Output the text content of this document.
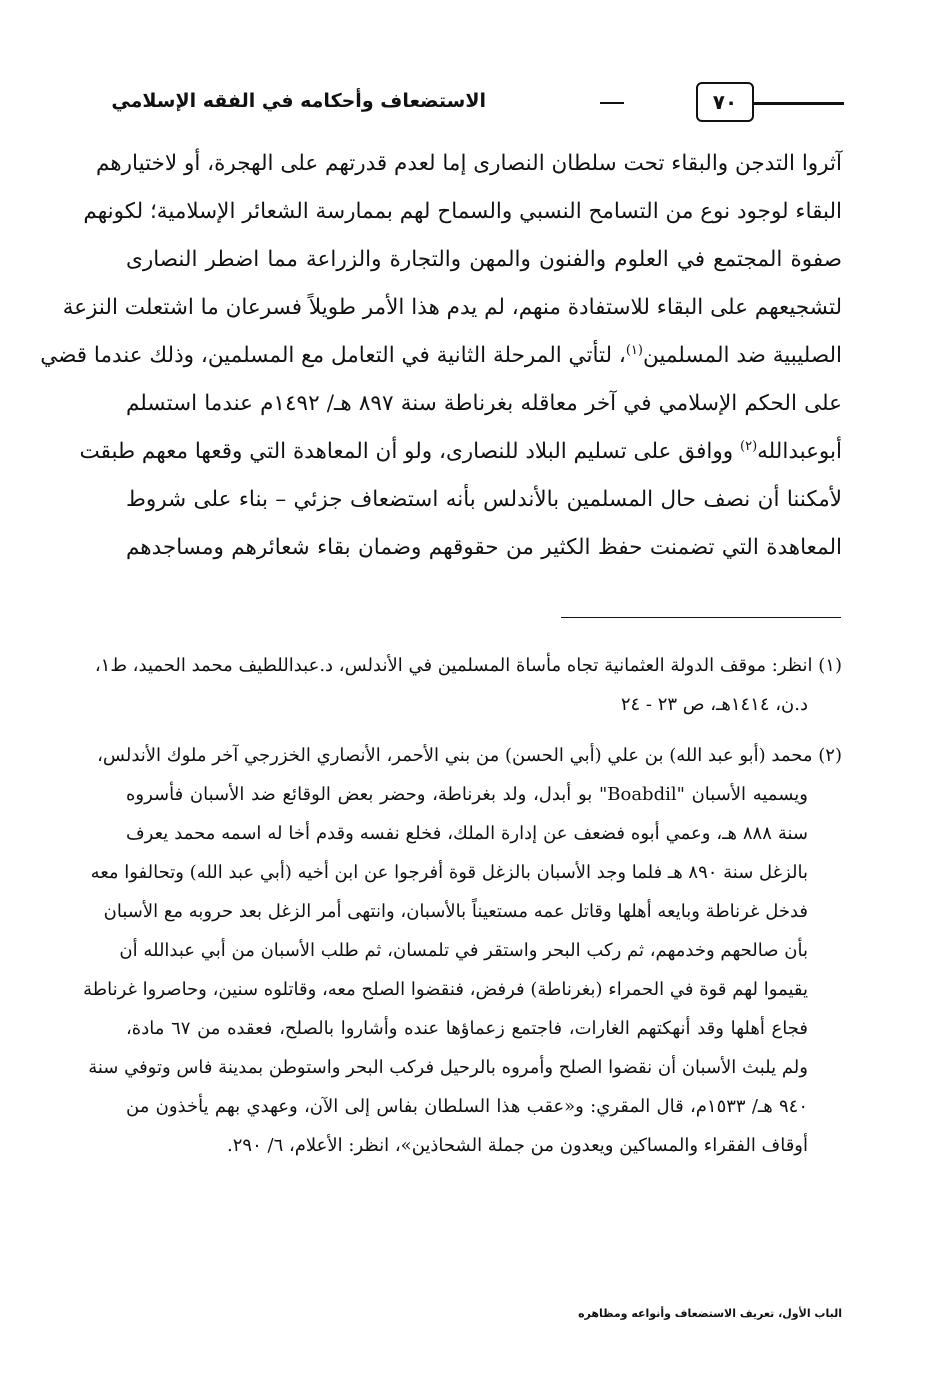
الاستضعاف وأحكامه في الفقه الإسلامي	٧٠
آثروا التدجن والبقاء تحت سلطان النصارى إما لعدم قدرتهم على الهجرة، أو لاختيارهم
البقاء لوجود نوع من التسامح النسبي والسماح لهم بممارسة الشعائر الإسلامية؛ لكونهم
صفوة المجتمع في العلوم والفنون والمهن والتجارة والزراعة مما اضطر النصارى
لتشجيعهم على البقاء للاستفادة منهم، لم يدم هذا الأمر طويلاً فسرعان ما اشتعلت النزعة
الصليبية ضد المسلمين$^{(١)}$، لتأتي المرحلة الثانية في التعامل مع المسلمين، وذلك عندما قضي
على الحكم الإسلامي في آخر معاقله بغرناطة سنة ٨٩٧ هـ/ ١٤٩٢م عندما استسلم
أبوعبدالله$^{(٢)}$ ووافق على تسليم البلاد للنصارى، ولو أن المعاهدة التي وقعها معهم طبقت
لأمكننا أن نصف حال المسلمين بالأندلس بأنه استضعاف جزئي – بناء على شروط
المعاهدة التي تضمنت حفظ الكثير من حقوقهم وضمان بقاء شعائرهم ومساجدهم
(١) انظر: موقف الدولة العثمانية تجاه مأساة المسلمين في الأندلس، د.عبداللطيف محمد الحميد، ط١،
د.ن، ١٤١٤هـ، ص ٢٣ - ٢٤
(٢) محمد (أبو عبد الله) بن علي (أبي الحسن) من بني الأحمر، الأنصاري الخزرجي آخر ملوك الأندلس،
ويسميه الأسبان "Boabdil" بو أبدل، ولد بغرناطة، وحضر بعض الوقائع ضد الأسبان فأسروه
سنة ٨٨٨ هـ، وعمي أبوه فضعف عن إدارة الملك، فخلع نفسه وقدم أخا له اسمه محمد يعرف
بالزغل سنة ٨٩٠ هـ فلما وجد الأسبان بالزغل قوة أفرجوا عن ابن أخيه (أبي عبد الله) وتحالفوا معه
فدخل غرناطة وبايعه أهلها وقاتل عمه مستعيناً بالأسبان، وانتهى أمر الزغل بعد حروبه مع الأسبان
بأن صالحهم وخدمهم، ثم ركب البحر واستقر في تلمسان، ثم طلب الأسبان من أبي عبدالله أن
يقيموا لهم قوة في الحمراء (بغرناطة) فرفض، فنقضوا الصلح معه، وقاتلوه سنين، وحاصروا غرناطة
فجاع أهلها وقد أنهكتهم الغارات، فاجتمع زعماؤها عنده وأشاروا بالصلح، فعقده من ٦٧ مادة،
ولم يلبث الأسبان أن نقضوا الصلح وأمروه بالرحيل فركب البحر واستوطن بمدينة فاس وتوفي سنة
٩٤٠ هـ/ ١٥٣٣م، قال المقري: و«عقب هذا السلطان بفاس إلى الآن، وعهدي بهم يأخذون من
أوقاف الفقراء والمساكين ويعدون من جملة الشحاذين»، انظر: الأعلام، ٦/ ٢٩٠.
الباب الأول، تعريف الاستضعاف وأنواعه ومظاهره
